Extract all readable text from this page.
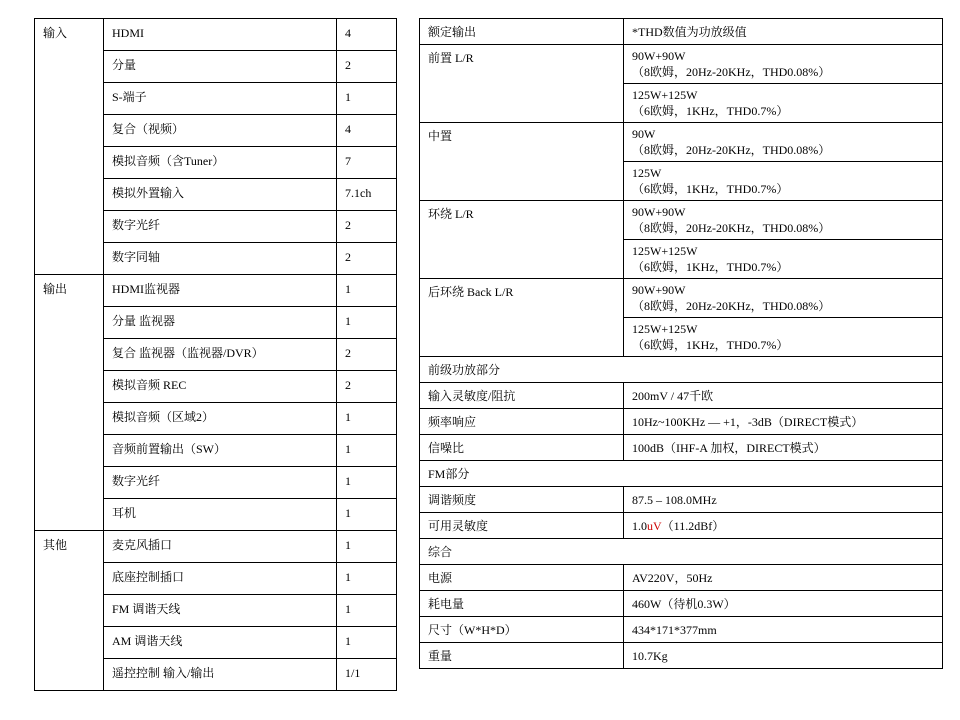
输入	HDMI	4
	分量	2
	S-端子	1
	复合（视频）	4
	模拟音频（含Tuner）	7
	模拟外置输入	7.1ch
	数字光纤	2
	数字同轴	2
输出	HDMI监视器	1
	分量 监视器	1
	复合 监视器（监视器/DVR）	2
	模拟音频 REC	2
	模拟音频（区域2）	1
	音频前置输出（SW）	1
	数字光纤	1
	耳机	1
其他	麦克风插口	1
	底座控制插口	1
	FM 调谐天线	1
	AM 调谐天线	1
	遥控控制 输入/输出	1/1
额定输出	*THD数值为功放级值
前置 L/R	90W+90W
（8欧姆，20Hz-20KHz，THD0.08%）

	125W+125W
（6欧姆，1KHz，THD0.7%）

中置	90W
（8欧姆，20Hz-20KHz，THD0.08%）

	125W
（6欧姆，1KHz，THD0.7%）

环绕 L/R	90W+90W
（8欧姆，20Hz-20KHz，THD0.08%）

	125W+125W
（6欧姆，1KHz，THD0.7%）

后环绕 Back L/R	90W+90W
（8欧姆，20Hz-20KHz，THD0.08%）

	125W+125W
（6欧姆，1KHz，THD0.7%）

前级功放部分	
输入灵敏度/阻抗	200mV / 47千欧
频率响应	10Hz~100KHz — +1，-3dB（DIRECT模式）
信噪比	100dB（IHF-A 加权，DIRECT模式）
FM部分	
调谐频度	87.5 – 108.0MHz
可用灵敏度	1.0uV（11.2dBf）
综合	
电源	AV220V，50Hz
耗电量	460W（待机0.3W）
尺寸（W*H*D）	434*171*377mm
重量	10.7Kg
